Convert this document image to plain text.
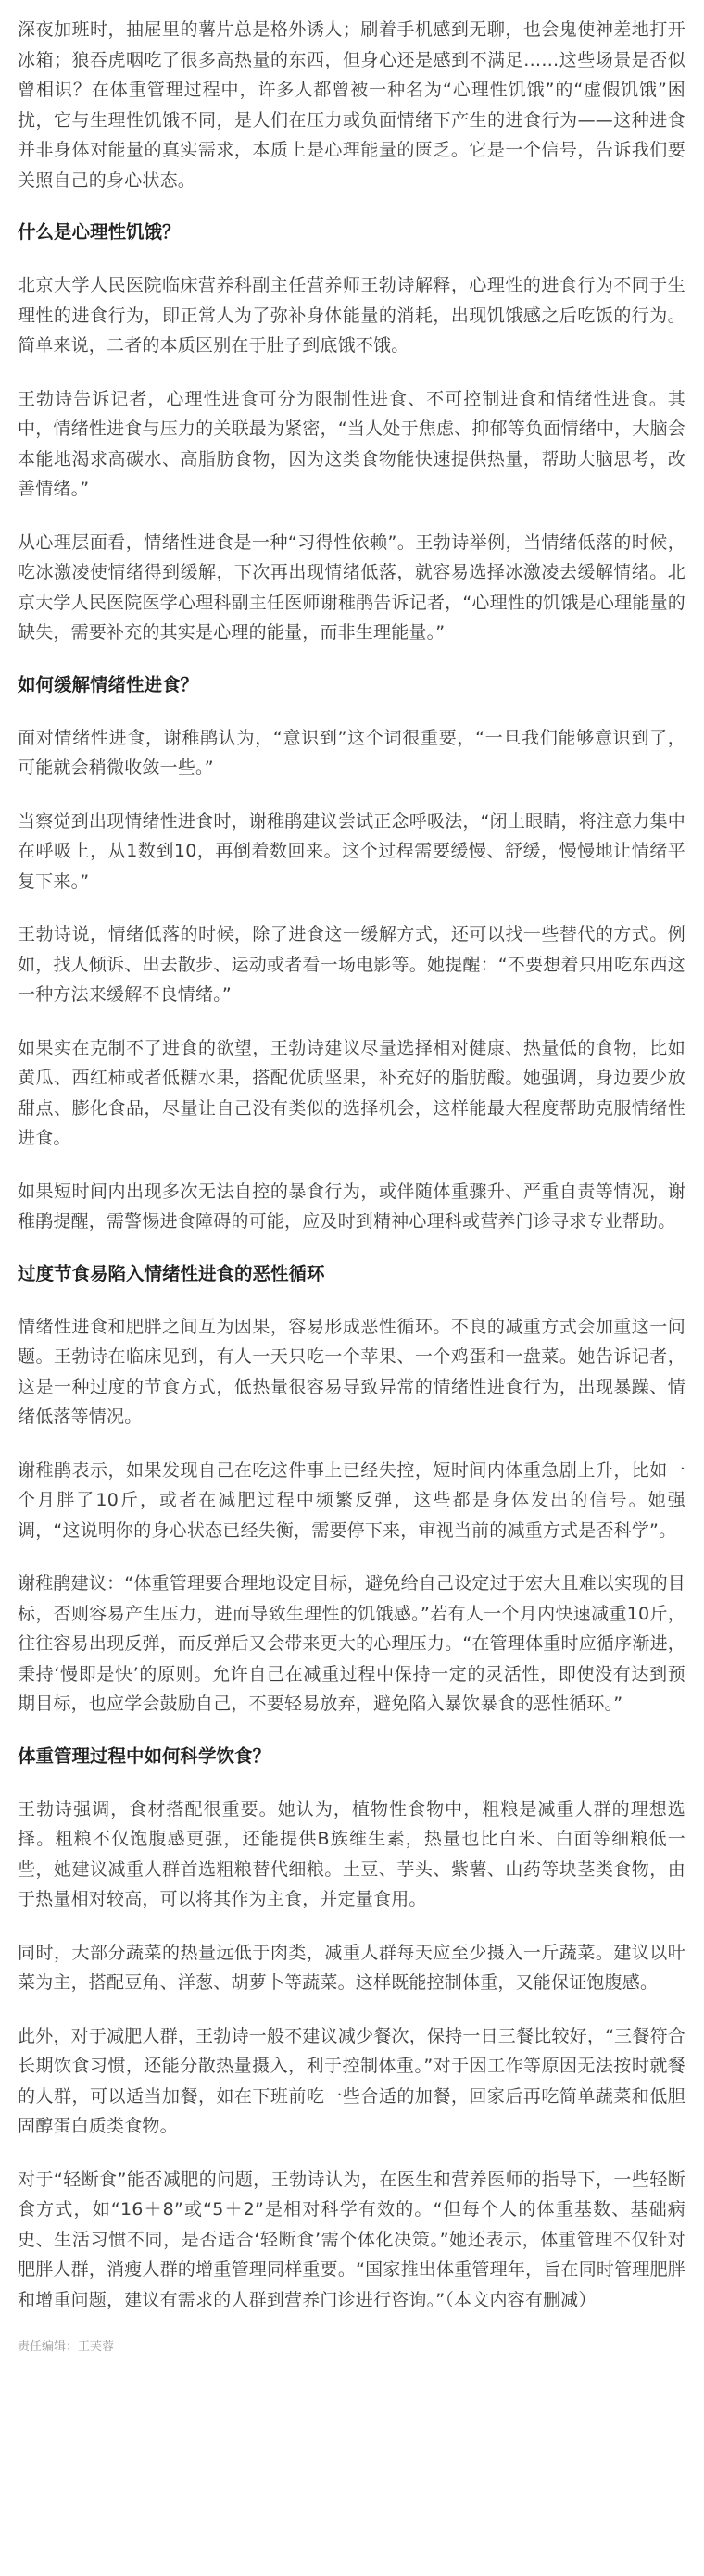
深夜加班时，抽屉里的薯片总是格外诱人；刷着手机感到无聊，也会鬼使神差地打开冰箱；狼吞虎咽吃了很多高热量的东西，但身心还是感到不满足……这些场景是否似曾相识？在体重管理过程中，许多人都曾被一种名为“心理性饥饿”的“虚假饥饿”困扰，它与生理性饥饿不同，是人们在压力或负面情绪下产生的进食行为——这种进食并非身体对能量的真实需求，本质上是心理能量的匮乏。它是一个信号，告诉我们要关照自己的身心状态。

什么是心理性饥饿？

北京大学人民医院临床营养科副主任营养师王勃诗解释，心理性的进食行为不同于生理性的进食行为，即正常人为了弥补身体能量的消耗，出现饥饿感之后吃饭的行为。简单来说，二者的本质区别在于肚子到底饿不饿。

王勃诗告诉记者，心理性进食可分为限制性进食、不可控制进食和情绪性进食。其中，情绪性进食与压力的关联最为紧密，“当人处于焦虑、抑郁等负面情绪中，大脑会本能地渴求高碳水、高脂肪食物，因为这类食物能快速提供热量，帮助大脑思考，改善情绪。”

从心理层面看，情绪性进食是一种“习得性依赖”。王勃诗举例，当情绪低落的时候，吃冰激凌使情绪得到缓解，下次再出现情绪低落，就容易选择冰激凌去缓解情绪。北京大学人民医院医学心理科副主任医师谢稚鹃告诉记者，“心理性的饥饿是心理能量的缺失，需要补充的其实是心理的能量，而非生理能量。”

如何缓解情绪性进食？

面对情绪性进食，谢稚鹃认为，“意识到”这个词很重要，“一旦我们能够意识到了，可能就会稍微收敛一些。”

当察觉到出现情绪性进食时，谢稚鹃建议尝试正念呼吸法，“闭上眼睛，将注意力集中在呼吸上，从1数到10，再倒着数回来。这个过程需要缓慢、舒缓，慢慢地让情绪平复下来。”

王勃诗说，情绪低落的时候，除了进食这一缓解方式，还可以找一些替代的方式。例如，找人倾诉、出去散步、运动或者看一场电影等。她提醒：“不要想着只用吃东西这一种方法来缓解不良情绪。”

如果实在克制不了进食的欲望，王勃诗建议尽量选择相对健康、热量低的食物，比如黄瓜、西红柿或者低糖水果，搭配优质坚果，补充好的脂肪酸。她强调，身边要少放甜点、膨化食品，尽量让自己没有类似的选择机会，这样能最大程度帮助克服情绪性进食。

如果短时间内出现多次无法自控的暴食行为，或伴随体重骤升、严重自责等情况，谢稚鹃提醒，需警惕进食障碍的可能，应及时到精神心理科或营养门诊寻求专业帮助。

过度节食易陷入情绪性进食的恶性循环

情绪性进食和肥胖之间互为因果，容易形成恶性循环。不良的减重方式会加重这一问题。王勃诗在临床见到，有人一天只吃一个苹果、一个鸡蛋和一盘菜。她告诉记者，这是一种过度的节食方式，低热量很容易导致异常的情绪性进食行为，出现暴躁、情绪低落等情况。

谢稚鹃表示，如果发现自己在吃这件事上已经失控，短时间内体重急剧上升，比如一个月胖了10斤，或者在减肥过程中频繁反弹，这些都是身体发出的信号。她强调，“这说明你的身心状态已经失衡，需要停下来，审视当前的减重方式是否科学”。

谢稚鹃建议：“体重管理要合理地设定目标，避免给自己设定过于宏大且难以实现的目标，否则容易产生压力，进而导致生理性的饥饿感。”若有人一个月内快速减重10斤，往往容易出现反弹，而反弹后又会带来更大的心理压力。“在管理体重时应循序渐进，秉持‘慢即是快’的原则。允许自己在减重过程中保持一定的灵活性，即使没有达到预期目标，也应学会鼓励自己，不要轻易放弃，避免陷入暴饮暴食的恶性循环。”

体重管理过程中如何科学饮食？

王勃诗强调，食材搭配很重要。她认为，植物性食物中，粗粮是减重人群的理想选择。粗粮不仅饱腹感更强，还能提供B族维生素，热量也比白米、白面等细粮低一些，她建议减重人群首选粗粮替代细粮。土豆、芋头、紫薯、山药等块茎类食物，由于热量相对较高，可以将其作为主食，并定量食用。

同时，大部分蔬菜的热量远低于肉类，减重人群每天应至少摄入一斤蔬菜。建议以叶菜为主，搭配豆角、洋葱、胡萝卜等蔬菜。这样既能控制体重，又能保证饱腹感。

此外，对于减肥人群，王勃诗一般不建议减少餐次，保持一日三餐比较好，“三餐符合长期饮食习惯，还能分散热量摄入，利于控制体重。”对于因工作等原因无法按时就餐的人群，可以适当加餐，如在下班前吃一些合适的加餐，回家后再吃简单蔬菜和低胆固醇蛋白质类食物。

对于“轻断食”能否减肥的问题，王勃诗认为，在医生和营养医师的指导下，一些轻断食方式，如“16＋8”或“5＋2”是相对科学有效的。“但每个人的体重基数、基础病史、生活习惯不同，是否适合‘轻断食’需个体化决策。”她还表示，体重管理不仅针对肥胖人群，消瘦人群的增重管理同样重要。“国家推出体重管理年，旨在同时管理肥胖和增重问题，建议有需求的人群到营养门诊进行咨询。”（本文内容有删减）

责任编辑：王芙蓉
